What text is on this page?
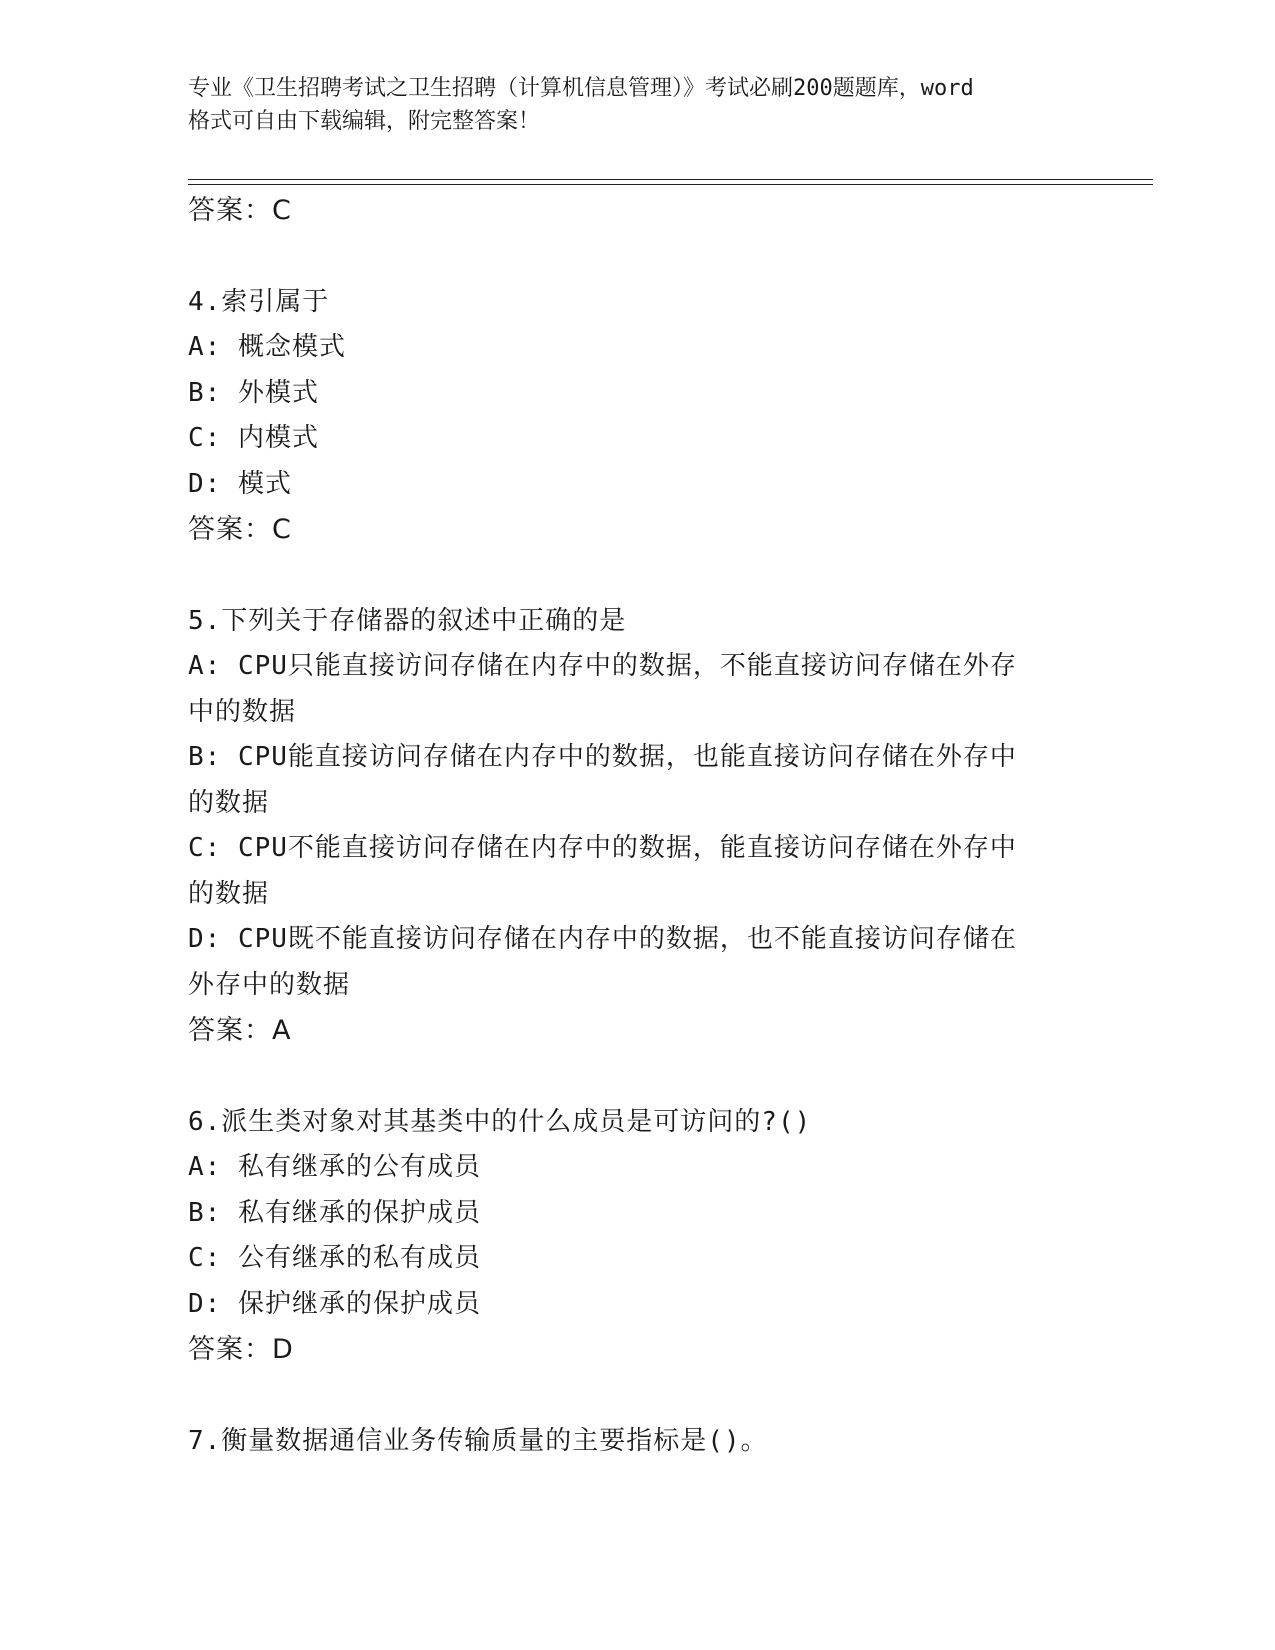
专业《卫生招聘考试之卫生招聘（计算机信息管理）》考试必刷200题题库，word
格式可自由下载编辑，附完整答案！
答案：C
4.索引属于
A: 概念模式
B: 外模式
C: 内模式
D: 模式
答案：C
5.下列关于存储器的叙述中正确的是
A: CPU只能直接访问存储在内存中的数据，不能直接访问存储在外存
中的数据
B: CPU能直接访问存储在内存中的数据，也能直接访问存储在外存中
的数据
C: CPU不能直接访问存储在内存中的数据，能直接访问存储在外存中
的数据
D: CPU既不能直接访问存储在内存中的数据，也不能直接访问存储在
外存中的数据
答案：A
6.派生类对象对其基类中的什么成员是可访问的?()
A: 私有继承的公有成员
B: 私有继承的保护成员
C: 公有继承的私有成员
D: 保护继承的保护成员
答案：D
7.衡量数据通信业务传输质量的主要指标是()。
